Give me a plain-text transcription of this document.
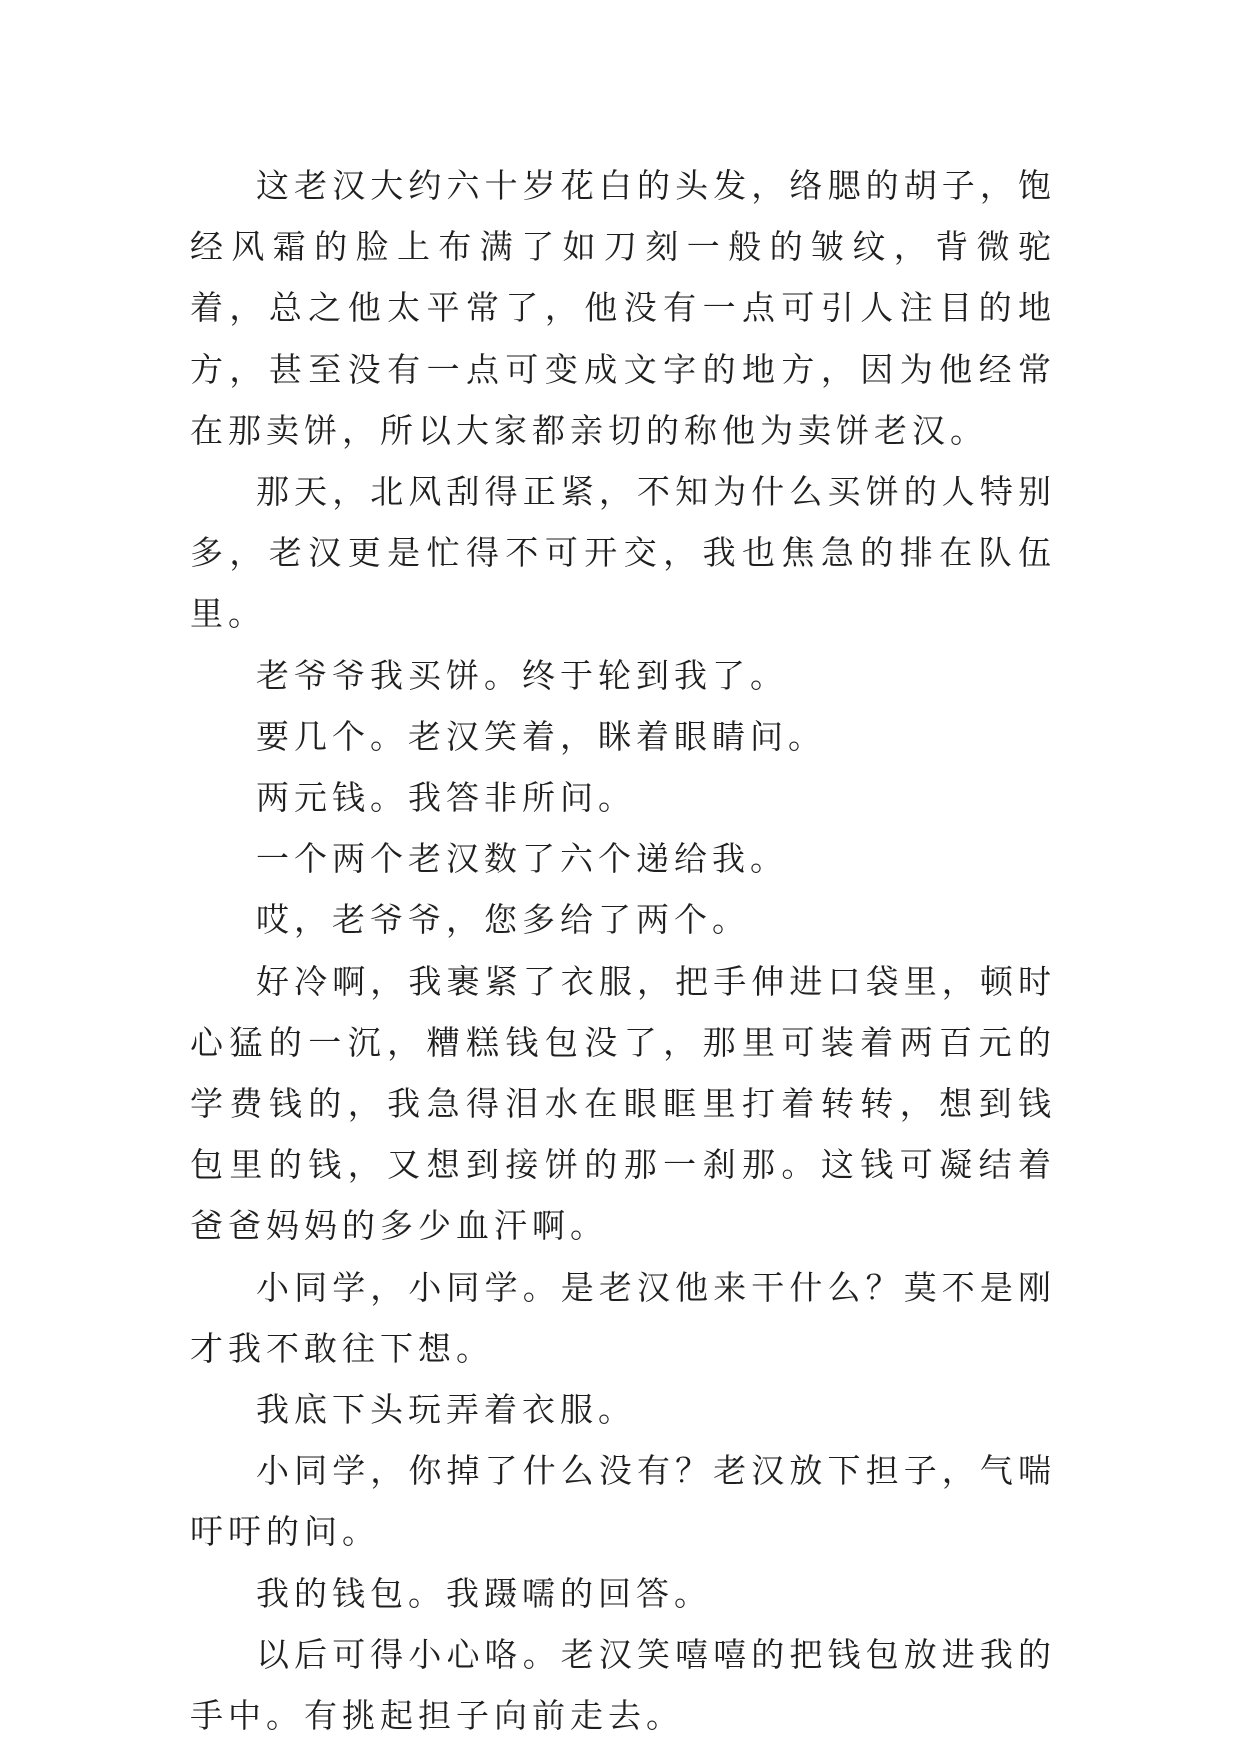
这老汉大约六十岁花白的头发，络腮的胡子，饱经风霜的脸上布满了如刀刻一般的皱纹，背微驼着，总之他太平常了，他没有一点可引人注目的地方，甚至没有一点可变成文字的地方，因为他经常在那卖饼，所以大家都亲切的称他为卖饼老汉。

那天，北风刮得正紧，不知为什么买饼的人特别多，老汉更是忙得不可开交，我也焦急的排在队伍里。

老爷爷我买饼。终于轮到我了。

要几个。老汉笑着，眯着眼睛问。

两元钱。我答非所问。

一个两个老汉数了六个递给我。

哎，老爷爷，您多给了两个。

好冷啊，我裹紧了衣服，把手伸进口袋里，顿时心猛的一沉，糟糕钱包没了，那里可装着两百元的学费钱的，我急得泪水在眼眶里打着转转，想到钱包里的钱，又想到接饼的那一刹那。这钱可凝结着爸爸妈妈的多少血汗啊。

小同学，小同学。是老汉他来干什么？莫不是刚才我不敢往下想。

我底下头玩弄着衣服。

小同学，你掉了什么没有？老汉放下担子，气喘吁吁的问。

我的钱包。我蹑嚅的回答。

以后可得小心咯。老汉笑嘻嘻的把钱包放进我的手中。有挑起担子向前走去。
